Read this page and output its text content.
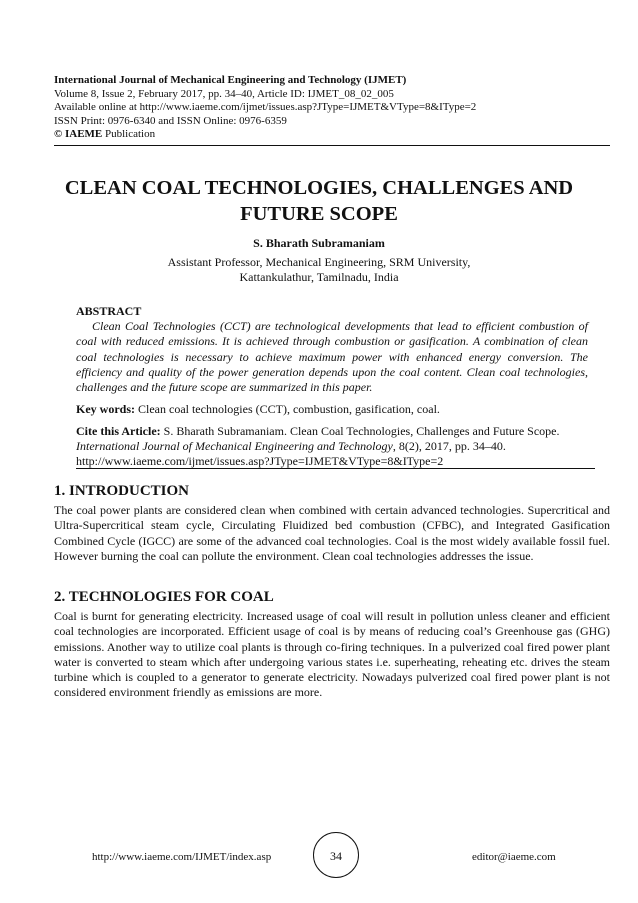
International Journal of Mechanical Engineering and Technology (IJMET)
Volume 8, Issue 2, February 2017, pp. 34–40, Article ID: IJMET_08_02_005
Available online at http://www.iaeme.com/ijmet/issues.asp?JType=IJMET&VType=8&IType=2
ISSN Print: 0976-6340 and ISSN Online: 0976-6359
© IAEME Publication
CLEAN COAL TECHNOLOGIES, CHALLENGES AND FUTURE SCOPE
S. Bharath Subramaniam
Assistant Professor, Mechanical Engineering, SRM University,
Kattankulathur, Tamilnadu, India
ABSTRACT
Clean Coal Technologies (CCT) are technological developments that lead to efficient combustion of coal with reduced emissions. It is achieved through combustion or gasification. A combination of clean coal technologies is necessary to achieve maximum power with enhanced energy conversion. The efficiency and quality of the power generation depends upon the coal content. Clean coal technologies, challenges and the future scope are summarized in this paper.
Key words: Clean coal technologies (CCT), combustion, gasification, coal.
Cite this Article: S. Bharath Subramaniam. Clean Coal Technologies, Challenges and Future Scope. International Journal of Mechanical Engineering and Technology, 8(2), 2017, pp. 34–40.
http://www.iaeme.com/ijmet/issues.asp?JType=IJMET&VType=8&IType=2
1. INTRODUCTION
The coal power plants are considered clean when combined with certain advanced technologies. Supercritical and Ultra-Supercritical steam cycle, Circulating Fluidized bed combustion (CFBC), and Integrated Gasification Combined Cycle (IGCC) are some of the advanced coal technologies. Coal is the most widely available fossil fuel. However burning the coal can pollute the environment. Clean coal technologies addresses the issue.
2. TECHNOLOGIES FOR COAL
Coal is burnt for generating electricity. Increased usage of coal will result in pollution unless cleaner and efficient coal technologies are incorporated. Efficient usage of coal is by means of reducing coal’s Greenhouse gas (GHG) emissions. Another way to utilize coal plants is through co-firing techniques. In a pulverized coal fired power plant water is converted to steam which after undergoing various states i.e. superheating, reheating etc. drives the steam turbine which is coupled to a generator to generate electricity. Nowadays pulverized coal fired power plant is not considered environment friendly as emissions are more.
http://www.iaeme.com/IJMET/index.asp	34	editor@iaeme.com
